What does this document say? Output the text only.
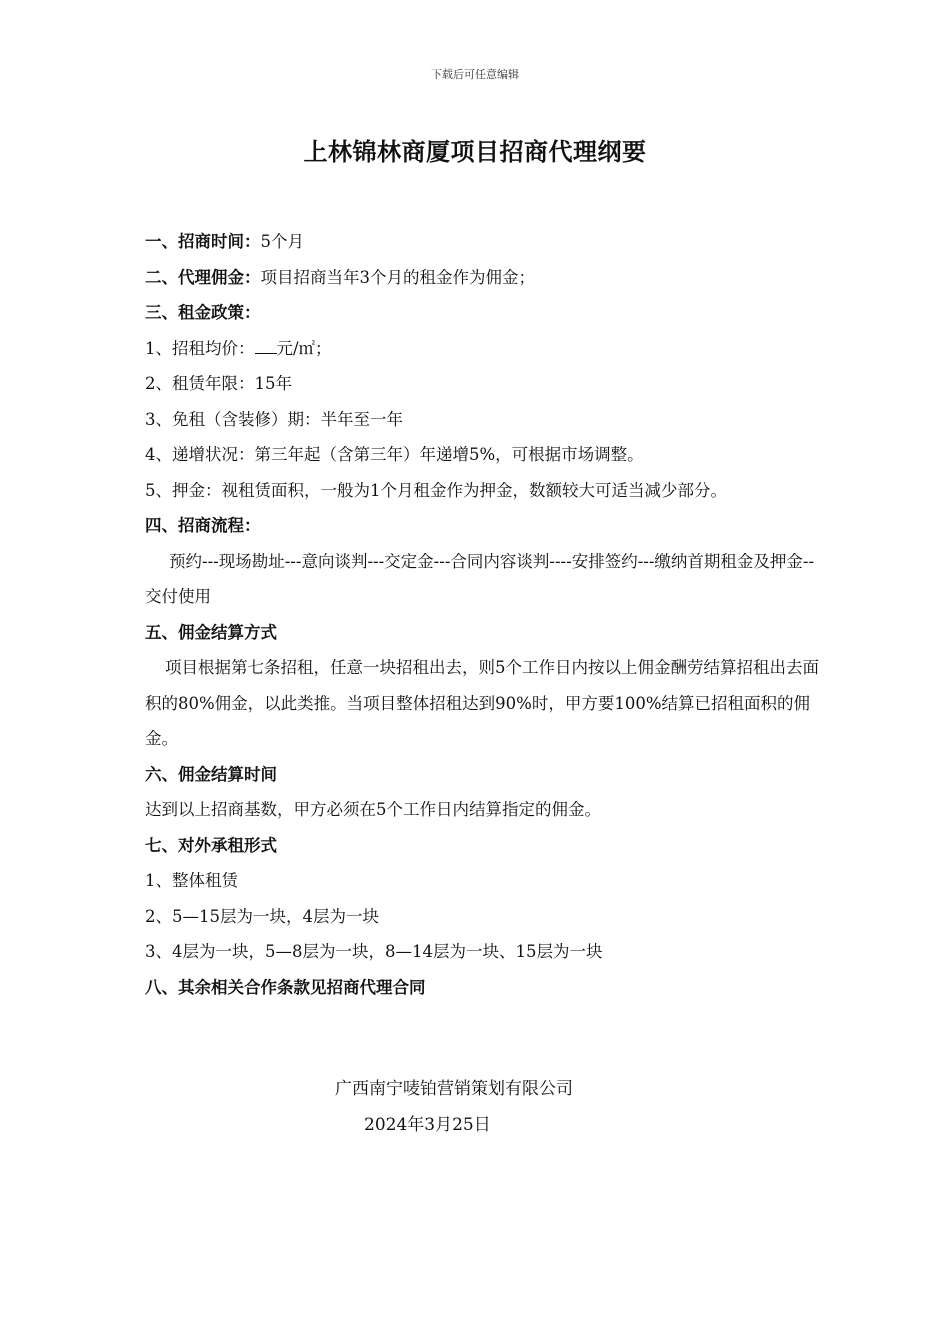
下载后可任意编辑
上林锦林商厦项目招商代理纲要
一、招商时间：5个月
二、代理佣金：项目招商当年3个月的租金作为佣金；
三、租金政策：
1、招租均价： 元/㎡；
2、租赁年限：15年
3、免租（含装修）期：半年至一年
4、递增状况：第三年起（含第三年）年递增5%，可根据市场调整。
5、押金：视租赁面积，一般为1个月租金作为押金，数额较大可适当减少部分。
四、招商流程：
预约---现场勘址---意向谈判---交定金---合同内容谈判----安排签约---缴纳首期租金及押金--交付使用
五、佣金结算方式
项目根据第七条招租，任意一块招租出去，则5个工作日内按以上佣金酬劳结算招租出去面积的80%佣金，以此类推。当项目整体招租达到90%时，甲方要100%结算已招租面积的佣金。
六、佣金结算时间
达到以上招商基数，甲方必须在5个工作日内结算指定的佣金。
七、对外承租形式
1、整体租赁
2、5—15层为一块，4层为一块
3、4层为一块，5—8层为一块，8—14层为一块、15层为一块
八、其余相关合作条款见招商代理合同
广西南宁唛铂营销策划有限公司
2024年3月25日
